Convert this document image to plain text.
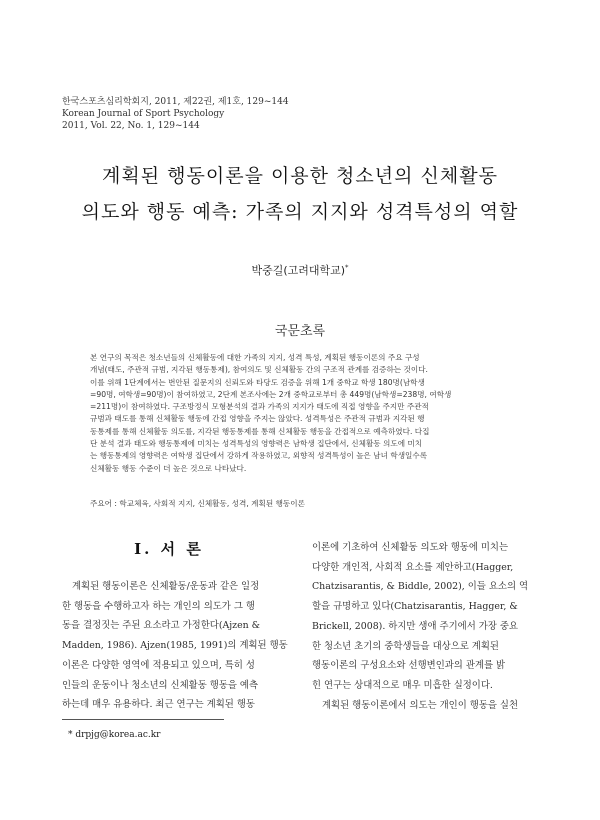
한국스포츠심리학회지, 2011, 제22권, 제1호, 129~144
Korean Journal of Sport Psychology
2011, Vol. 22, No. 1, 129~144
계획된 행동이론을 이용한 청소년의 신체활동
의도와 행동 예측: 가족의 지지와 성격특성의 역할
박중길(고려대학교)*
국문초록
본 연구의 목적은 청소년들의 신체활동에 대한 가족의 지지, 성격 특성, 계획된 행동이론의 주요 구성
개념(태도, 주관적 규범, 지각된 행동통제), 참여의도 및 신체활동 간의 구조적 관계를 검증하는 것이다.
이를 위해 1단계에서는 번안된 질문지의 신뢰도와 타당도 검증을 위해 1개 중학교 학생 180명(남학생
=90명, 여학생=90명)이 참여하였고, 2단계 본조사에는 2개 중학교로부터 총 449명(남학생=238명, 여학생
=211명)이 참여하였다. 구조방정식 모형분석의 결과 가족의 지지가 태도에 직접 영향을 주지만 주관적
규범과 태도를 통해 신체활동 행동에 간접 영향을 주지는 않았다. 성격특성은 주관적 규범과 지각된 행
동통제를 통해 신체활동 의도를, 지각된 행동통제를 통해 신체활동 행동을 간접적으로 예측하였다. 다집
단 분석 결과 태도와 행동통제에 미치는 성격특성의 영향력은 남학생 집단에서, 신체활동 의도에 미치
는 행동통제의 영향력은 여학생 집단에서 강하게 작용하였고, 외향적 성격특성이 높은 남녀 학생일수록
신체활동 행동 수준이 더 높은 것으로 나타났다.
주요어 : 학교체육, 사회적 지지, 신체활동, 성격, 계획된 행동이론
I. 서 론
계획된 행동이론은 신체활동/운동과 같은 일정
한 행동을 수행하고자 하는 개인의 의도가 그 행
동을 결정짓는 주된 요소라고 가정한다(Ajzen &
Madden, 1986). Ajzen(1985, 1991)의 계획된 행동
이론은 다양한 영역에 적용되고 있으며, 특히 성
인들의 운동이나 청소년의 신체활동 행동을 예측
하는데 매우 유용하다. 최근 연구는 계획된 행동
이론에 기초하여 신체활동 의도와 행동에 미치는
다양한 개인적, 사회적 요소를 제안하고(Hagger,
Chatzisarantis, & Biddle, 2002), 이들 요소의 역
할을 규명하고 있다(Chatzisarantis, Hagger, &
Brickell, 2008). 하지만 생애 주기에서 가장 중요
한 청소년 초기의 중학생들을 대상으로 계획된
행동이론의 구성요소와 선행변인과의 관계를 밝
힌 연구는 상대적으로 매우 미흡한 실정이다.
계획된 행동이론에서 의도는 개인이 행동을 실천
* drpjg@korea.ac.kr
